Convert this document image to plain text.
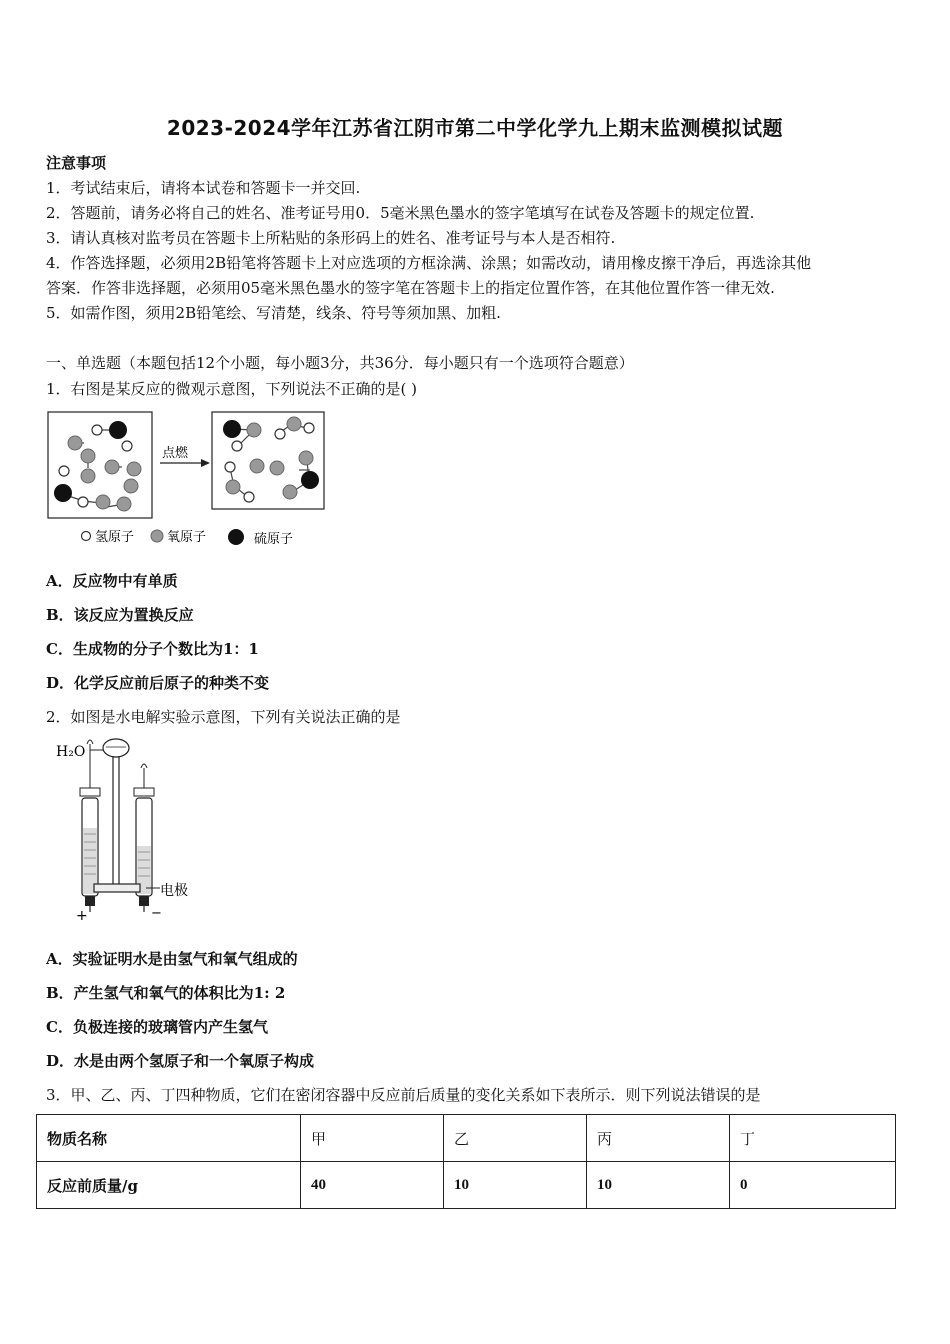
2023-2024学年江苏省江阴市第二中学化学九上期末监测模拟试题
注意事项
1．考试结束后，请将本试卷和答题卡一并交回.
2．答题前，请务必将自己的姓名、准考证号用0．5毫米黑色墨水的签字笔填写在试卷及答题卡的规定位置.
3．请认真核对监考员在答题卡上所粘贴的条形码上的姓名、准考证号与本人是否相符.
4．作答选择题，必须用2B铅笔将答题卡上对应选项的方框涂满、涂黑；如需改动，请用橡皮擦干净后，再选涂其他
答案．作答非选择题，必须用05毫米黑色墨水的签字笔在答题卡上的指定位置作答，在其他位置作答一律无效.
5．如需作图，须用2B铅笔绘、写清楚，线条、符号等须加黑、加粗.
一、单选题（本题包括12个小题，每小题3分，共36分．每小题只有一个选项符合题意）
1．右图是某反应的微观示意图，下列说法不正确的是( )
点燃
氢原子	氧原子	硫原子
A．反应物中有单质
B．该反应为置换反应
C．生成物的分子个数比为1：1
D．化学反应前后原子的种类不变
2．如图是水电解实验示意图，下列有关说法正确的是
H₂O
电极
+	−
A．实验证明水是由氢气和氧气组成的
B．产生氢气和氧气的体积比为1: 2
C．负极连接的玻璃管内产生氢气
D．水是由两个氢原子和一个氧原子构成
3．甲、乙、丙、丁四种物质，它们在密闭容器中反应前后质量的变化关系如下表所示．则下列说法错误的是
物质名称	甲	乙	丙	丁
反应前质量/g	40	10	10	0
